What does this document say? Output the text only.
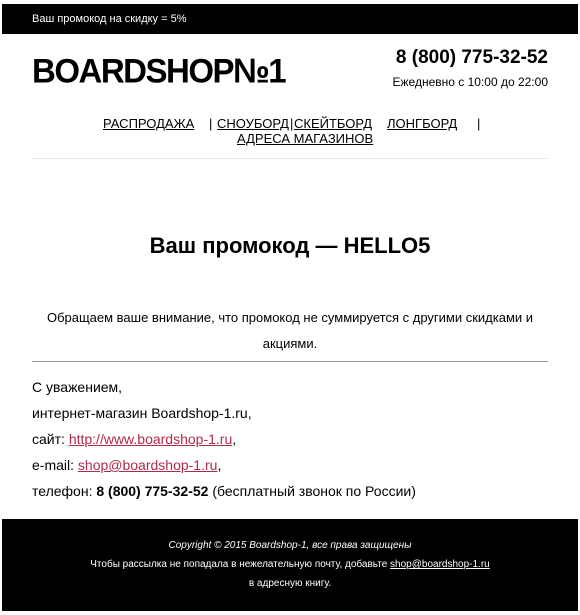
Ваш промокод на скидку = 5%
BOARDSHOP№1	8 (800) 775-32-52
Ежедневно с 10:00 до 22:00
РАСПРОДАЖА | СНОУБОРД | СКЕЙТБОРД ЛОНГБОРД |
АДРЕСА МАГАЗИНОВ
Ваш промокод — HELLO5
Обращаем ваше внимание, что промокод не суммируется с другими скидками и акциями.
С уважением,
интернет-магазин Boardshop-1.ru,
сайт: http://www.boardshop-1.ru,
e-mail: shop@boardshop-1.ru,
телефон: 8 (800) 775-32-52 (бесплатный звонок по России)
Copyright © 2015 Boardshop-1, все права защищены
Чтобы рассылка не попадала в нежелательную почту, добавьте shop@boardshop-1.ru
в адресную книгу.
